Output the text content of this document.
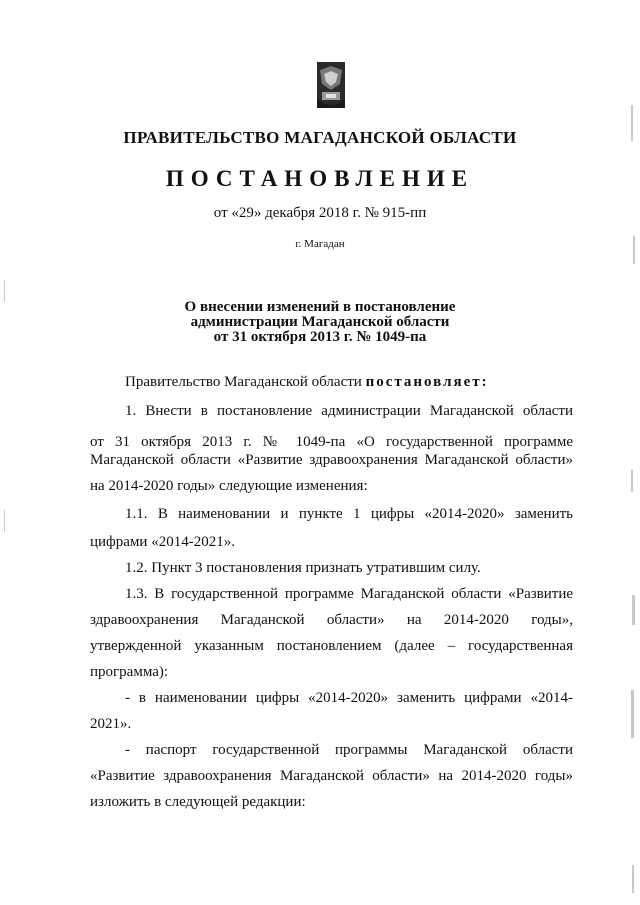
ПРАВИТЕЛЬСТВО МАГАДАНСКОЙ ОБЛАСТИ
ПОСТАНОВЛЕНИЕ
от «29» декабря 2018 г. № 915-пп
г. Магадан
О внесении изменений в постановление
администрации Магаданской области
от 31 октября 2013 г. № 1049-па
Правительство Магаданской области постановляет:
1. Внести в постановление администрации Магаданской области
от 31 октября 2013 г. № 1049-па «О государственной программе
Магаданской области «Развитие здравоохранения Магаданской области»
на 2014-2020 годы» следующие изменения:
1.1. В наименовании и пункте 1 цифры «2014-2020» заменить
цифрами «2014-2021».
1.2. Пункт 3 постановления признать утратившим силу.
1.3. В государственной программе Магаданской области «Развитие
здравоохранения Магаданской области» на 2014-2020 годы»,
утвержденной указанным постановлением (далее – государственная
программа):
- в наименовании цифры «2014-2020» заменить цифрами «2014-
2021».
- паспорт государственной программы Магаданской области
«Развитие здравоохранения Магаданской области» на 2014-2020 годы»
изложить в следующей редакции:
